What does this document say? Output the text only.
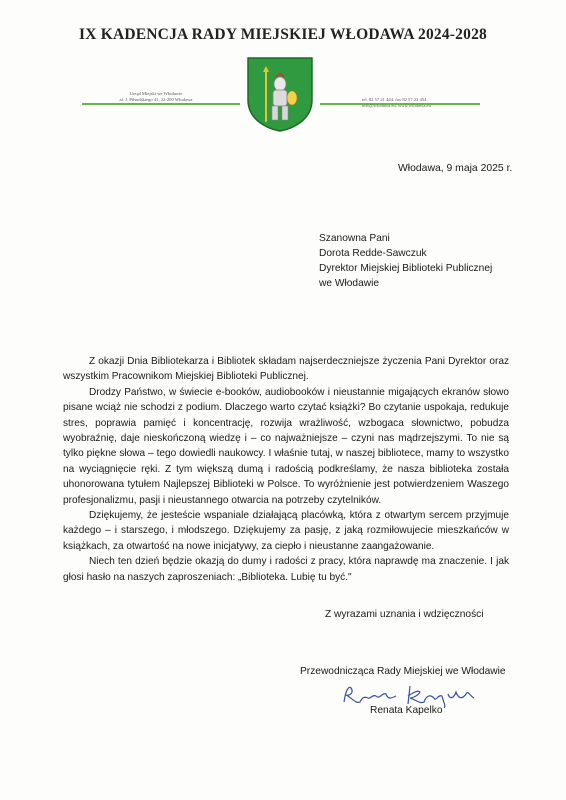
IX KADENCJA RADY MIEJSKIEJ WŁODAWA 2024-2028
Urząd Miejski we Włodawie
al. J. Piłsudskiego 41, 22-200 Włodawa	tel. 82 57 21 444, fax 82 57 22 454
info@wlodawa.eu, www.wlodawa.eu
Włodawa, 9 maja 2025 r.
Szanowna Pani
Dorota Redde-Sawczuk
Dyrektor Miejskiej Biblioteki Publicznej
we Włodawie

Z okazji Dnia Bibliotekarza i Bibliotek składam najserdeczniejsze życzenia Pani Dyrektor oraz wszystkim Pracownikom Miejskiej Biblioteki Publicznej.

Drodzy Państwo, w świecie e-booków, audiobooków i nieustannie migających ekranów słowo pisane wciąż nie schodzi z podium. Dlaczego warto czytać książki? Bo czytanie uspokaja, redukuje stres, poprawia pamięć i koncentrację, rozwija wrażliwość, wzbogaca słownictwo, pobudza wyobraźnię, daje nieskończoną wiedzę i – co najważniejsze – czyni nas mądrzejszymi. To nie są tylko piękne słowa – tego dowiedli naukowcy. I właśnie tutaj, w naszej bibliotece, mamy to wszystko na wyciągnięcie ręki. Z tym większą dumą i radością podkreślamy, że nasza biblioteka została uhonorowana tytułem Najlepszej Biblioteki w Polsce. To wyróżnienie jest potwierdzeniem Waszego profesjonalizmu, pasji i nieustannego otwarcia na potrzeby czytelników.

Dziękujemy, że jesteście wspaniale działającą placówką, która z otwartym sercem przyjmuje każdego – i starszego, i młodszego. Dziękujemy za pasję, z jaką rozmiłowujecie mieszkańców w książkach, za otwartość na nowe inicjatywy, za ciepło i nieustanne zaangażowanie.

Niech ten dzień będzie okazją do dumy i radości z pracy, która naprawdę ma znaczenie. I jak głosi hasło na naszych zaproszeniach: „Biblioteka. Lubię tu być."

Z wyrazami uznania i wdzięczności
Przewodnicząca Rady Miejskiej we Włodawie
Renata Kapelko
